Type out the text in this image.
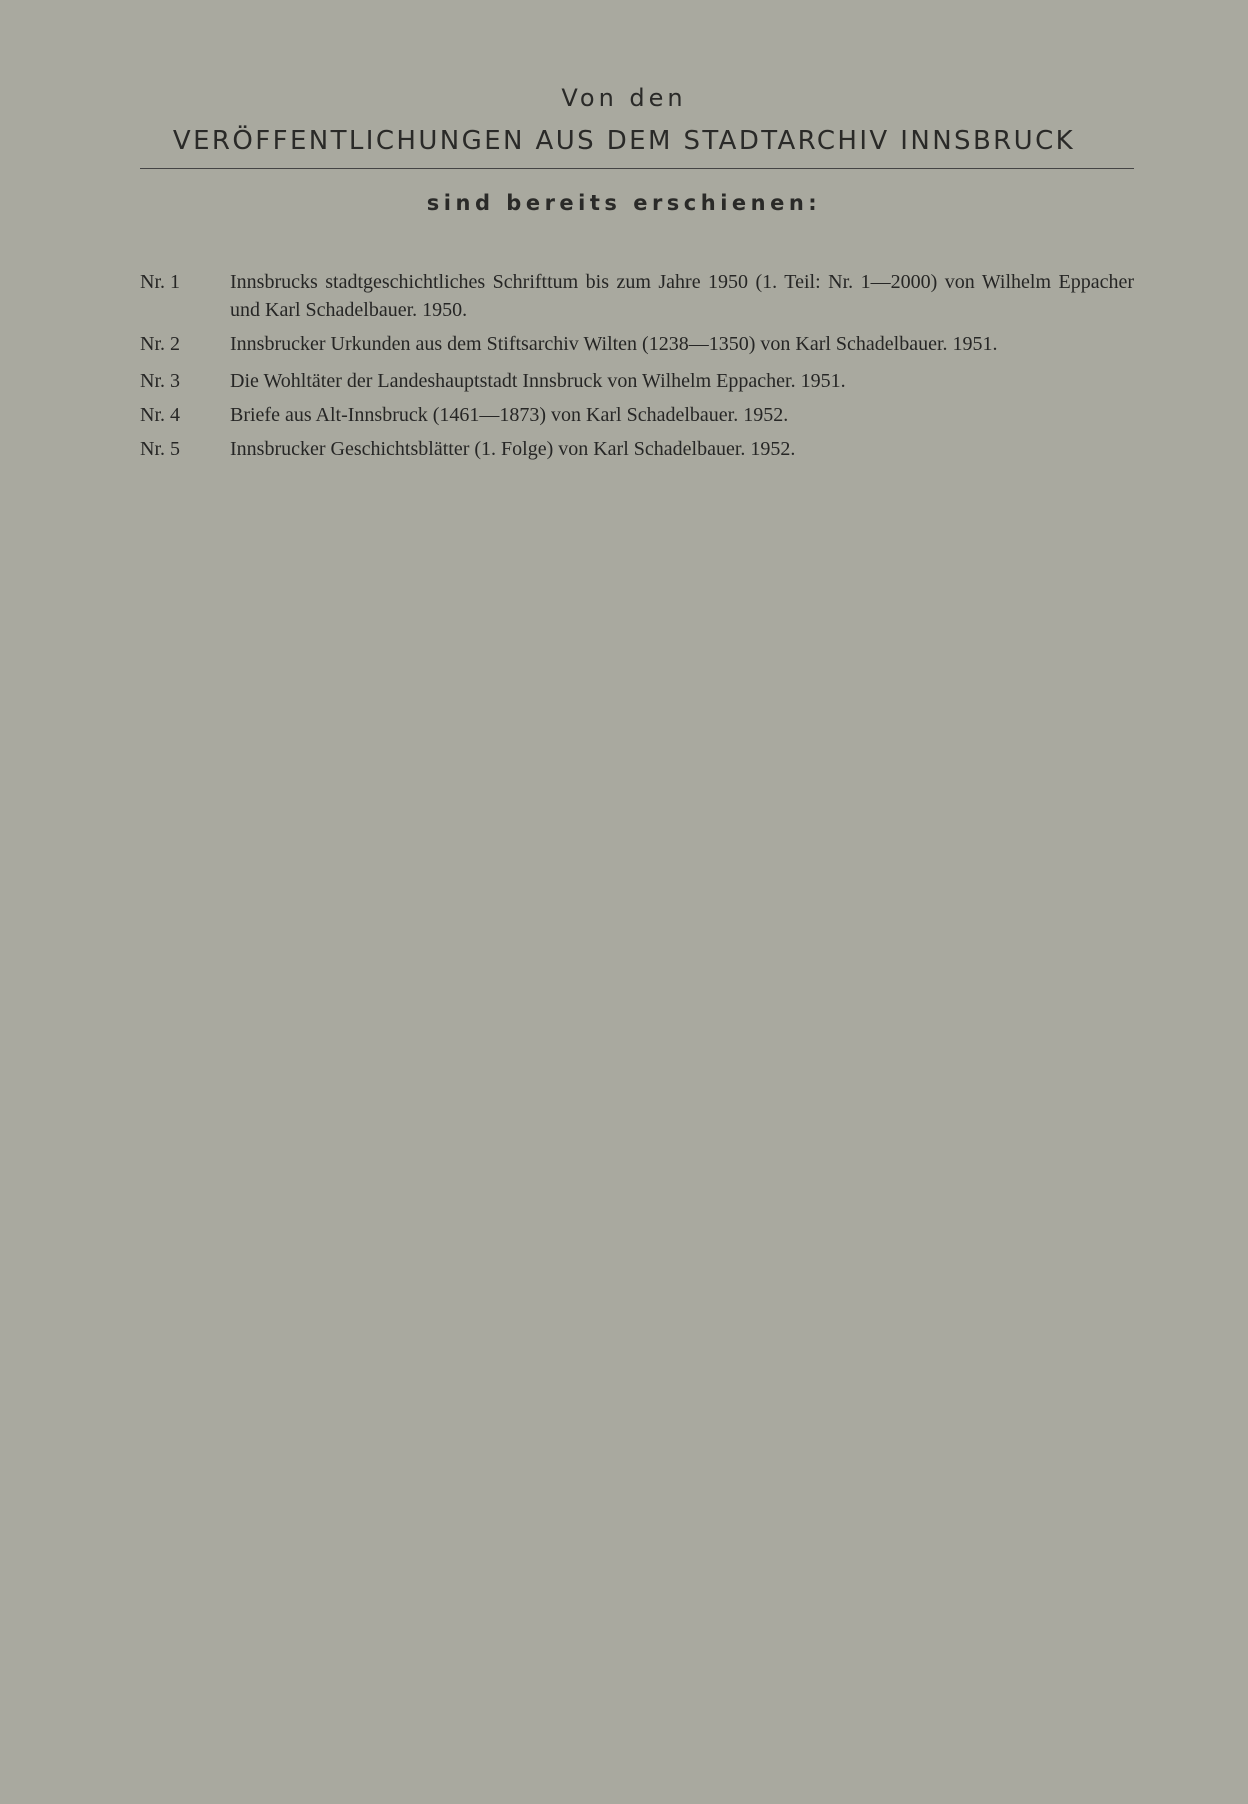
Von den
VERÖFFENTLICHUNGEN AUS DEM STADTARCHIV INNSBRUCK
sind bereits erschienen:
Nr. 1	Innsbrucks stadtgeschichtliches Schrifttum bis zum Jahre 1950 (1. Teil: Nr. 1—2000) von Wilhelm Eppacher und Karl Schadelbauer. 1950.
Nr. 2	Innsbrucker Urkunden aus dem Stiftsarchiv Wilten (1238—1350) von Karl Schadelbauer. 1951.
Nr. 3	Die Wohltäter der Landeshauptstadt Innsbruck von Wilhelm Eppacher. 1951.
Nr. 4	Briefe aus Alt-Innsbruck (1461—1873) von Karl Schadelbauer. 1952.
Nr. 5	Innsbrucker Geschichtsblätter (1. Folge) von Karl Schadelbauer. 1952.
